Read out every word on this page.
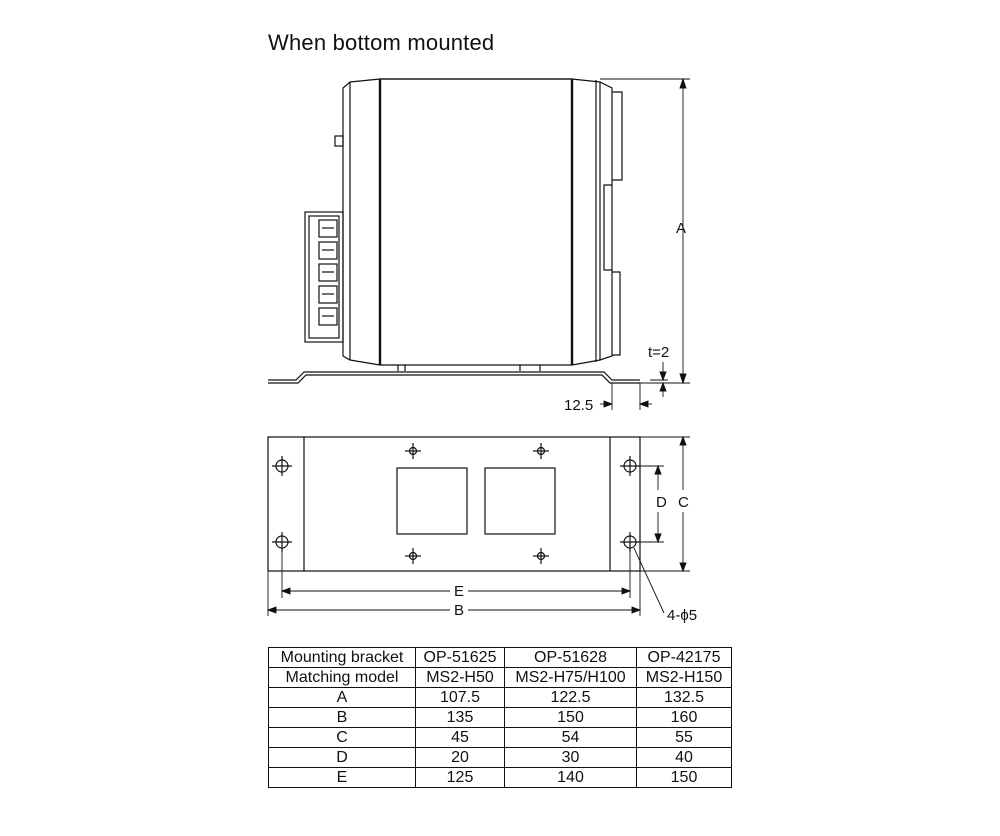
When bottom mounted
A
t=2
12.5
D C
E
B	4-ϕ5
Mounting bracket	OP-51625	OP-51628	OP-42175
Matching model	MS2-H50	MS2-H75/H100	MS2-H150
A	107.5	122.5	132.5
B	135	150	160
C	45	54	55
D	20	30	40
E	125	140	150
